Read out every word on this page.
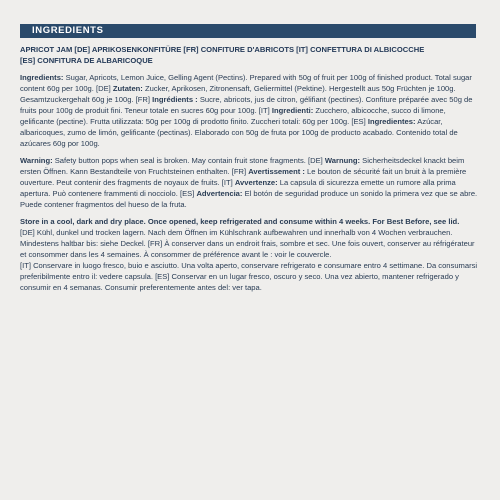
INGREDIENTS
APRICOT JAM [DE] APRIKOSENKONFITÜRE [FR] CONFITURE D'ABRICOTS [IT] CONFETTURA DI ALBICOCCHE
[ES] CONFITURA DE ALBARICOQUE
Ingredients: Sugar, Apricots, Lemon Juice, Gelling Agent (Pectins). Prepared with 50g of fruit per 100g of finished product. Total sugar content 60g per 100g. [DE] Zutaten: Zucker, Aprikosen, Zitronensaft, Geliermittel (Pektine). Hergestellt aus 50g Früchten je 100g. Gesamtzuckergehalt 60g je 100g. [FR] Ingrédients : Sucre, abricots, jus de citron, gélifiant (pectines). Confiture préparée avec 50g de fruits pour 100g de produit fini. Teneur totale en sucres 60g pour 100g. [IT] Ingredienti: Zucchero, albicocche, succo di limone, gelificante (pectine). Frutta utilizzata: 50g per 100g di prodotto finito. Zuccheri totali: 60g per 100g. [ES] Ingredientes: Azúcar, albaricoques, zumo de limón, gelificante (pectinas). Elaborado con 50g de fruta por 100g de producto acabado. Contenido total de azúcares 60g por 100g.
Warning: Safety button pops when seal is broken. May contain fruit stone fragments. [DE] Warnung: Sicherheitsdeckel knackt beim ersten Öffnen. Kann Bestandteile von Fruchtsteinen enthalten. [FR] Avertissement : Le bouton de sécurité fait un bruit à la première ouverture. Peut contenir des fragments de noyaux de fruits. [IT] Avvertenze: La capsula di sicurezza emette un rumore alla prima apertura. Può contenere frammenti di nocciolo. [ES] Advertencia: El botón de seguridad produce un sonido la primera vez que se abre. Puede contener fragmentos del hueso de la fruta.
Store in a cool, dark and dry place. Once opened, keep refrigerated and consume within 4 weeks. For Best Before, see lid.
[DE] Kühl, dunkel und trocken lagern. Nach dem Öffnen im Kühlschrank aufbewahren und innerhalb von 4 Wochen verbrauchen. Mindestens haltbar bis: siehe Deckel. [FR] À conserver dans un endroit frais, sombre et sec. Une fois ouvert, conserver au réfrigérateur et consommer dans les 4 semaines. À consommer de préférence avant le : voir le couvercle.
[IT] Conservare in luogo fresco, buio e asciutto. Una volta aperto, conservare refrigerato e consumare entro 4 settimane. Da consumarsi preferibilmente entro il: vedere capsula. [ES] Conservar en un lugar fresco, oscuro y seco. Una vez abierto, mantener refrigerado y consumir en 4 semanas. Consumir preferentemente antes del: ver tapa.
